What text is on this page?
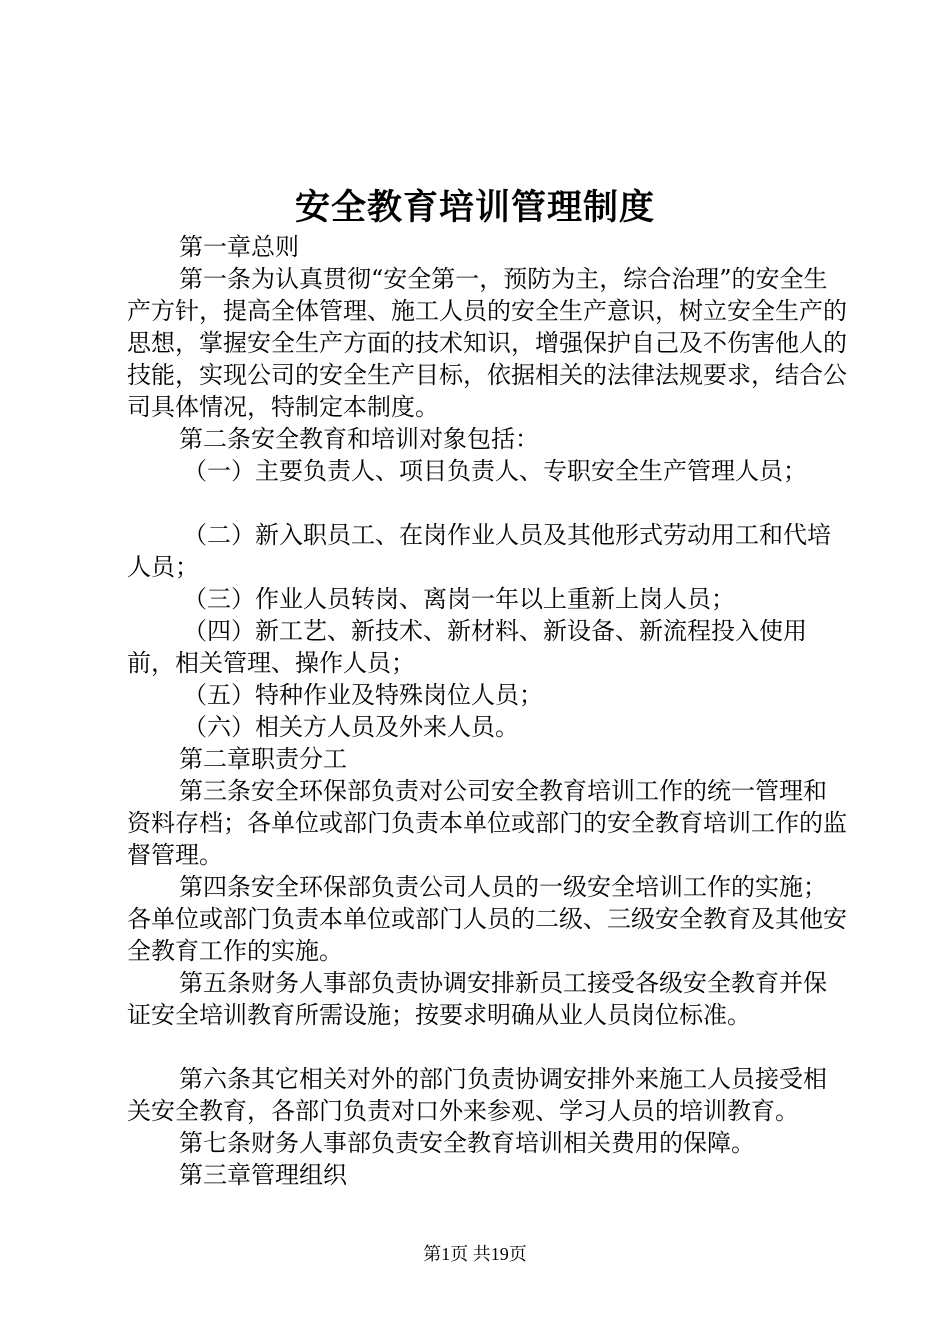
安全教育培训管理制度

第一章总则

第一条为认真贯彻“安全第一，预防为主，综合治理”的安全生产方针，提高全体管理、施工人员的安全生产意识，树立安全生产的思想，掌握安全生产方面的技术知识，增强保护自己及不伤害他人的技能，实现公司的安全生产目标，依据相关的法律法规要求，结合公司具体情况，特制定本制度。

第二条安全教育和培训对象包括：

（一）主要负责人、项目负责人、专职安全生产管理人员；

（二）新入职员工、在岗作业人员及其他形式劳动用工和代培人员；

（三）作业人员转岗、离岗一年以上重新上岗人员；

（四）新工艺、新技术、新材料、新设备、新流程投入使用前，相关管理、操作人员；

（五）特种作业及特殊岗位人员；

（六）相关方人员及外来人员。

第二章职责分工

第三条安全环保部负责对公司安全教育培训工作的统一管理和资料存档；各单位或部门负责本单位或部门的安全教育培训工作的监督管理。

第四条安全环保部负责公司人员的一级安全培训工作的实施；各单位或部门负责本单位或部门人员的二级、三级安全教育及其他安全教育工作的实施。

第五条财务人事部负责协调安排新员工接受各级安全教育并保证安全培训教育所需设施；按要求明确从业人员岗位标准。

第六条其它相关对外的部门负责协调安排外来施工人员接受相关安全教育，各部门负责对口外来参观、学习人员的培训教育。

第七条财务人事部负责安全教育培训相关费用的保障。

第三章管理组织

第1页 共19页
